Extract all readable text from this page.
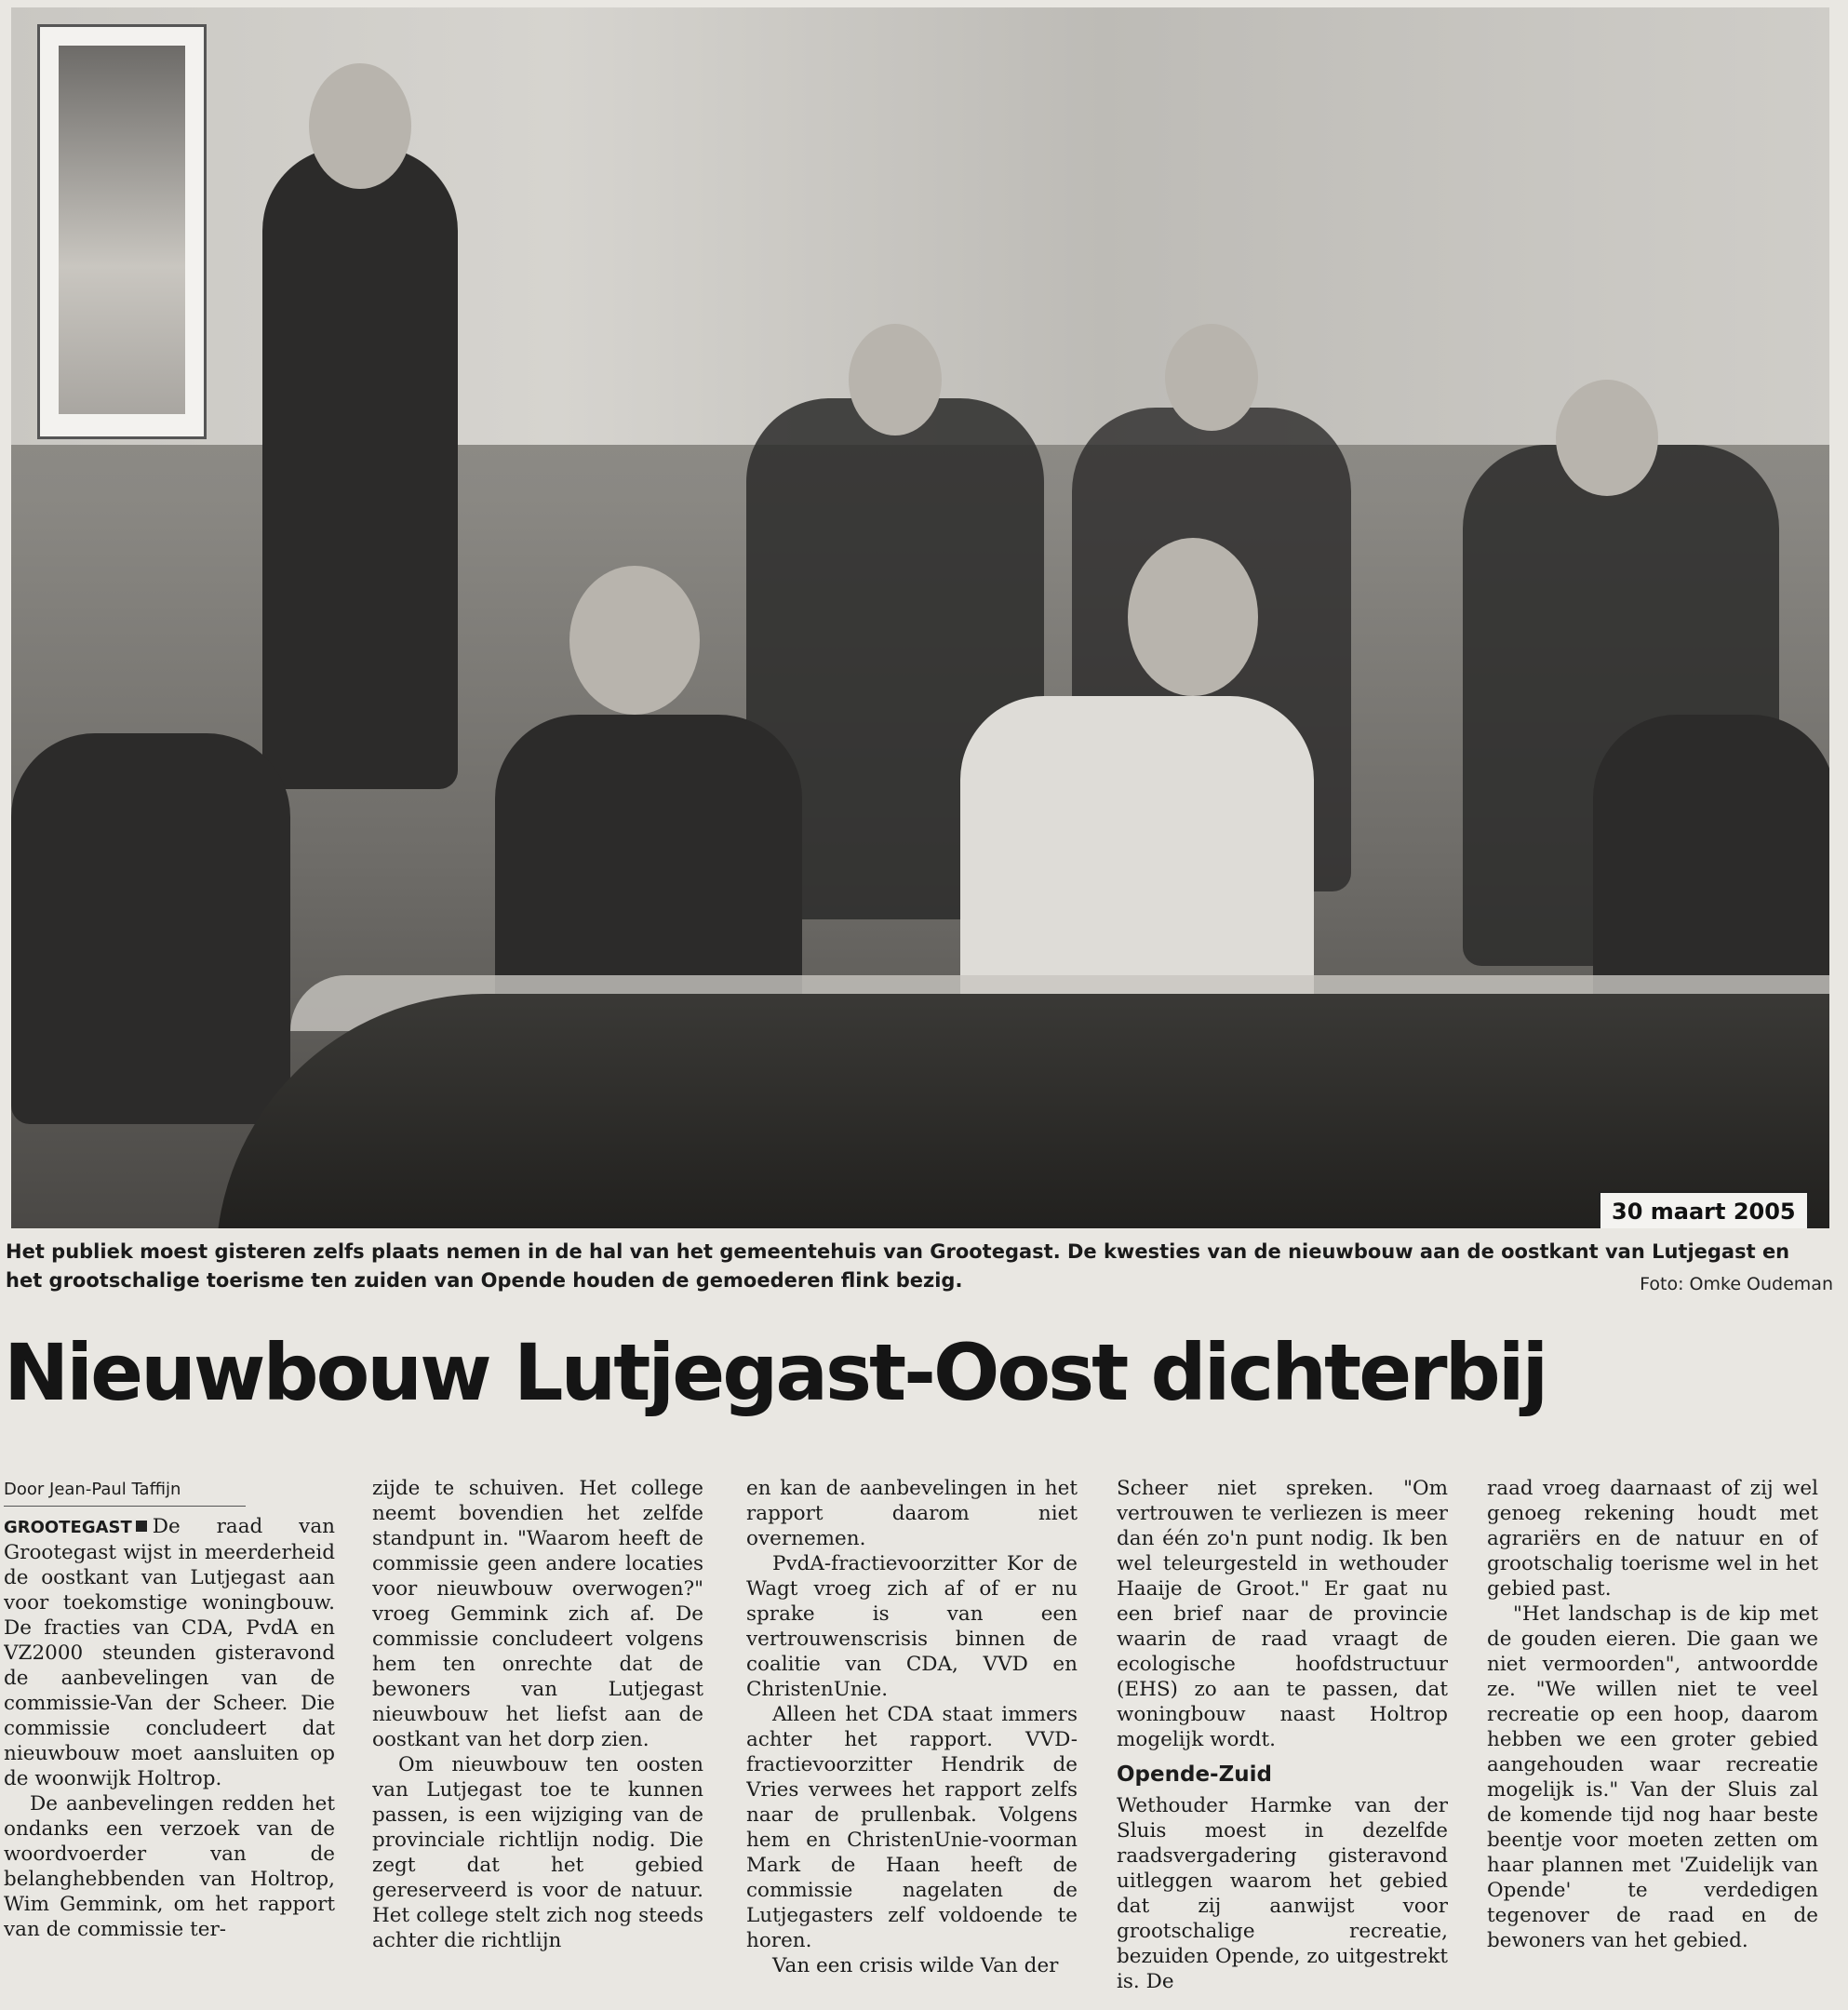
30 maart 2005
Het publiek moest gisteren zelfs plaats nemen in de hal van het gemeentehuis van Grootegast. De kwesties van de nieuwbouw aan de oostkant van Lutjegast en het grootschalige toerisme ten zuiden van Opende houden de gemoederen flink bezig.	Foto: Omke Oudeman
Nieuwbouw Lutjegast-Oost dichterbij
Door Jean-Paul Taffijn

GROOTEGAST De raad van Grootegast wijst in meerderheid de oostkant van Lutjegast aan voor toekomstige woningbouw. De fracties van CDA, PvdA en VZ2000 steunden gisteravond de aanbevelingen van de commissie-Van der Scheer. Die commissie concludeert dat nieuwbouw moet aansluiten op de woonwijk Holtrop.

De aanbevelingen redden het ondanks een verzoek van de woordvoerder van de belanghebbenden van Holtrop, Wim Gemmink, om het rapport van de commissie ter-

zijde te schuiven. Het college neemt bovendien het zelfde standpunt in. "Waarom heeft de commissie geen andere locaties voor nieuwbouw overwogen?" vroeg Gemmink zich af. De commissie concludeert volgens hem ten onrechte dat de bewoners van Lutjegast nieuwbouw het liefst aan de oostkant van het dorp zien.

Om nieuwbouw ten oosten van Lutjegast toe te kunnen passen, is een wijziging van de provinciale richtlijn nodig. Die zegt dat het gebied gereserveerd is voor de natuur. Het college stelt zich nog steeds achter die richtlijn

en kan de aanbevelingen in het rapport daarom niet overnemen.

PvdA-fractievoorzitter Kor de Wagt vroeg zich af of er nu sprake is van een vertrouwenscrisis binnen de coalitie van CDA, VVD en ChristenUnie.

Alleen het CDA staat immers achter het rapport. VVD-fractievoorzitter Hendrik de Vries verwees het rapport zelfs naar de prullenbak. Volgens hem en ChristenUnie-voorman Mark de Haan heeft de commissie nagelaten de Lutjegasters zelf voldoende te horen.

Van een crisis wilde Van der

Scheer niet spreken. "Om vertrouwen te verliezen is meer dan één zo'n punt nodig. Ik ben wel teleurgesteld in wethouder Haaije de Groot." Er gaat nu een brief naar de provincie waarin de raad vraagt de ecologische hoofdstructuur (EHS) zo aan te passen, dat woningbouw naast Holtrop mogelijk wordt.

Opende-Zuid

Wethouder Harmke van der Sluis moest in dezelfde raadsvergadering gisteravond uitleggen waarom het gebied dat zij aanwijst voor grootschalige recreatie, bezuiden Opende, zo uitgestrekt is. De

raad vroeg daarnaast of zij wel genoeg rekening houdt met agrariërs en de natuur en of grootschalig toerisme wel in het gebied past.

"Het landschap is de kip met de gouden eieren. Die gaan we niet vermoorden", antwoordde ze. "We willen niet te veel recreatie op een hoop, daarom hebben we een groter gebied aangehouden waar recreatie mogelijk is." Van der Sluis zal de komende tijd nog haar beste beentje voor moeten zetten om haar plannen met 'Zuidelijk van Opende' te verdedigen tegenover de raad en de bewoners van het gebied.
